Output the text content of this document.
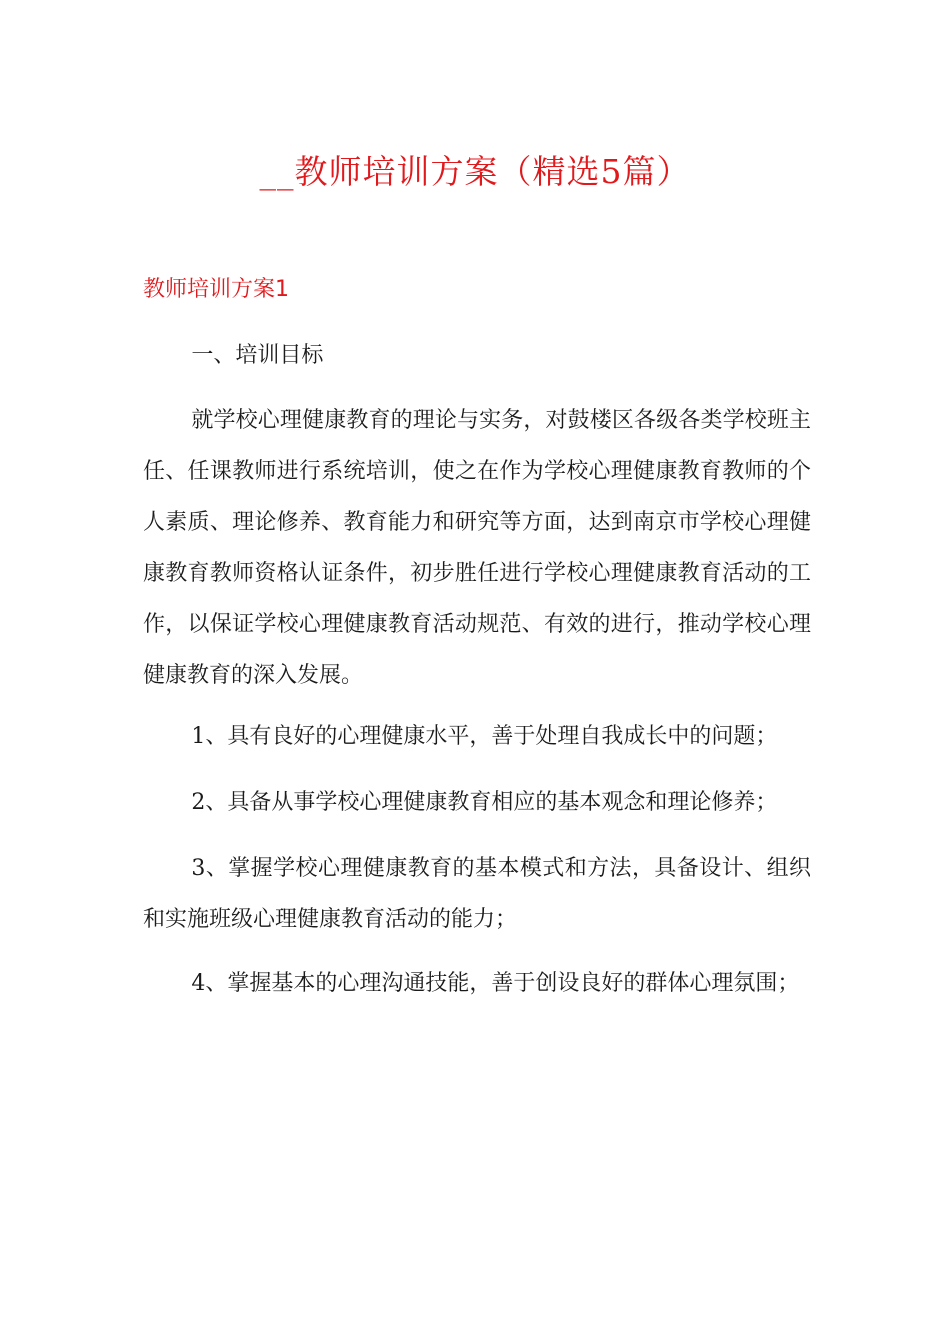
__教师培训方案（精选5篇）
教师培训方案1

一、培训目标

就学校心理健康教育的理论与实务，对鼓楼区各级各类学校班主任、任课教师进行系统培训，使之在作为学校心理健康教育教师的个人素质、理论修养、教育能力和研究等方面，达到南京市学校心理健康教育教师资格认证条件，初步胜任进行学校心理健康教育活动的工作，以保证学校心理健康教育活动规范、有效的进行，推动学校心理健康教育的深入发展。

1、具有良好的心理健康水平，善于处理自我成长中的问题；

2、具备从事学校心理健康教育相应的基本观念和理论修养；

3、掌握学校心理健康教育的基本模式和方法，具备设计、组织和实施班级心理健康教育活动的能力；

4、掌握基本的心理沟通技能，善于创设良好的群体心理氛围；
